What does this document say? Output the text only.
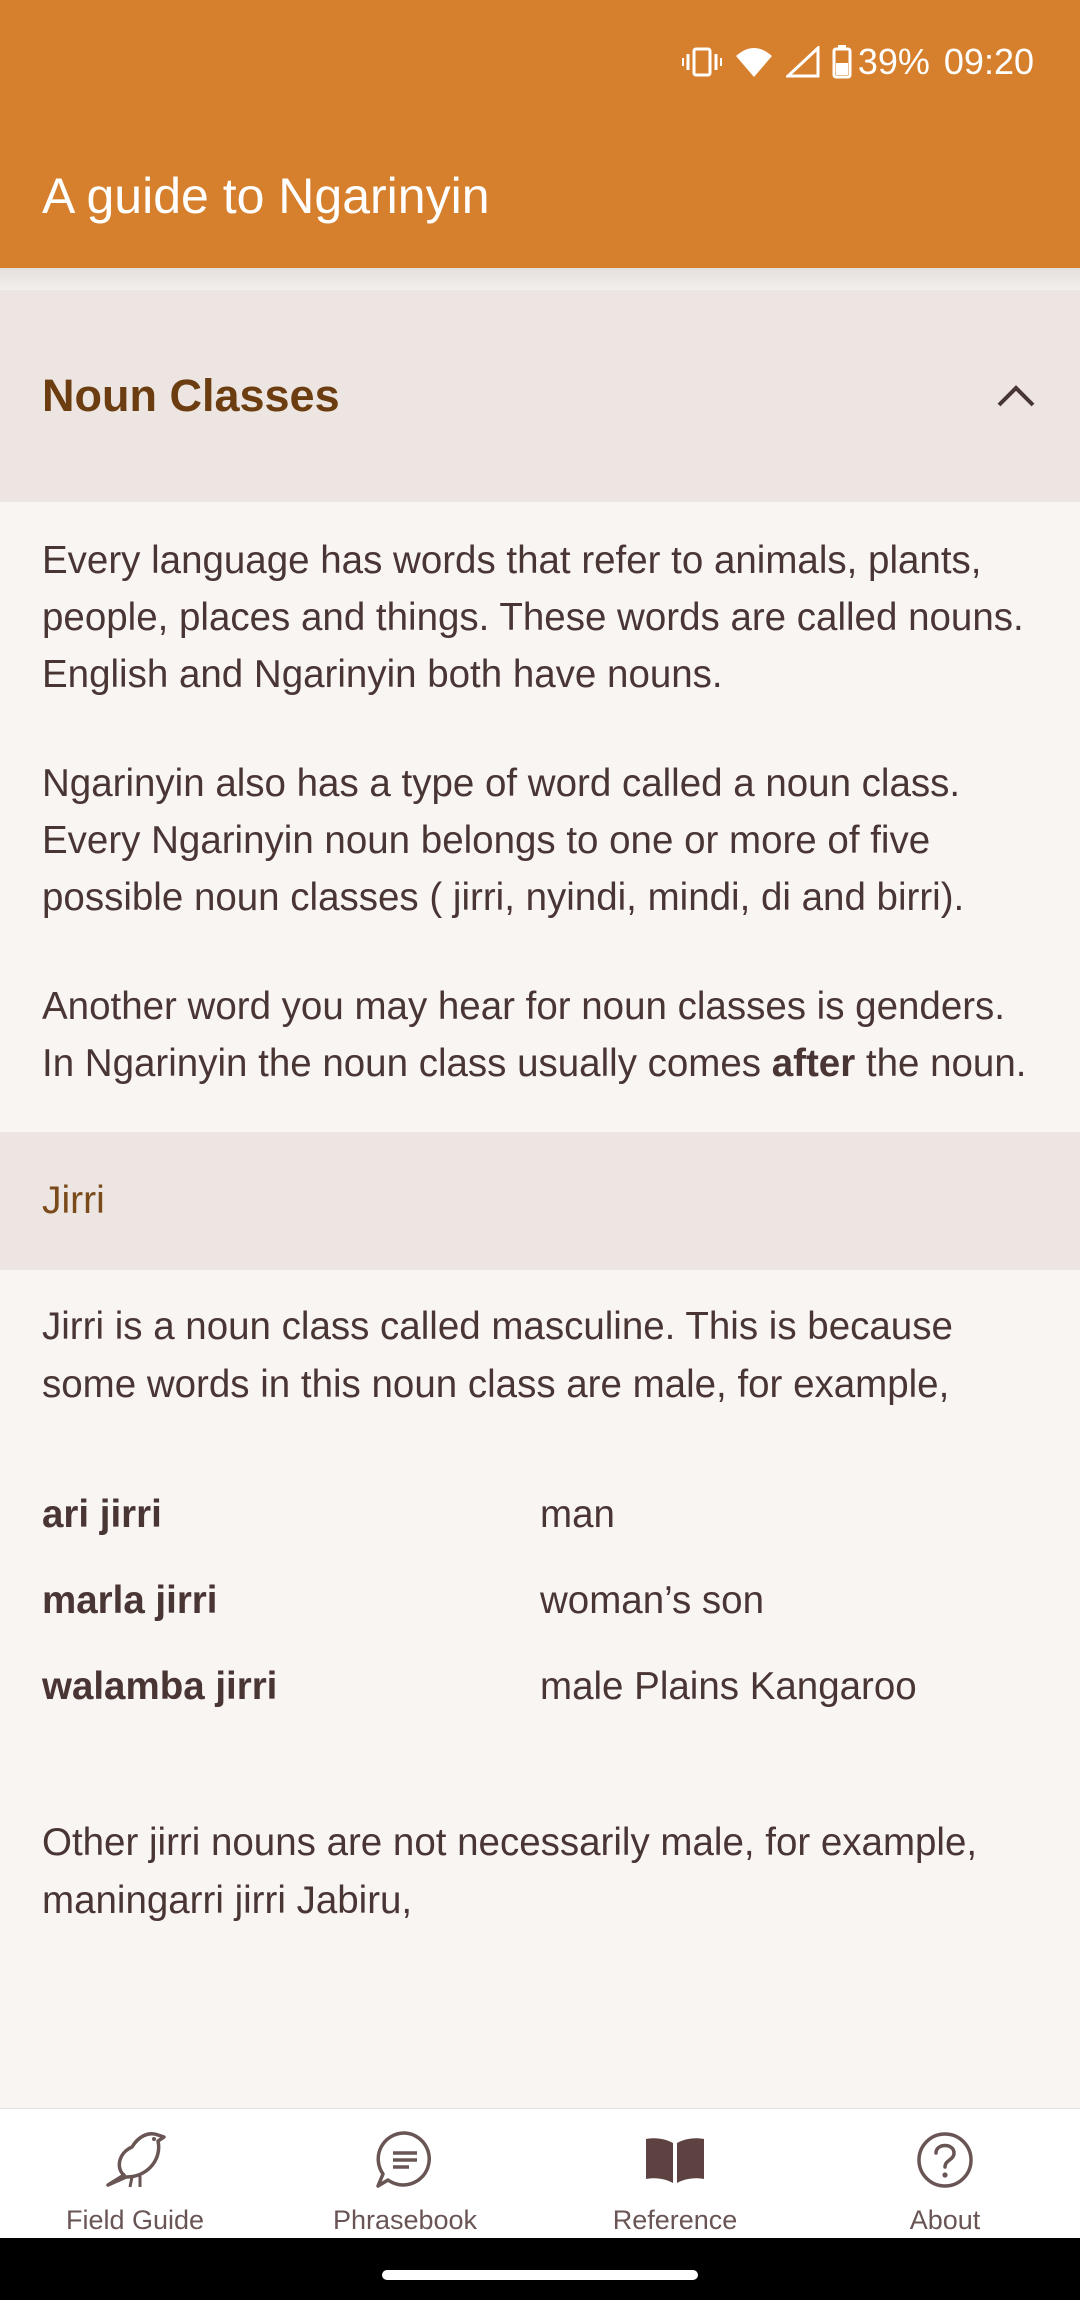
39% 09:20
A guide to Ngarinyin
Noun Classes

Every language has words that refer to animals, plants, people, places and things. These words are called nouns. English and Ngarinyin both have nouns.

Ngarinyin also has a type of word called a noun class. Every Ngarinyin noun belongs to one or more of five possible noun classes ( jirri, nyindi, mindi, di and birri).

Another word you may hear for noun classes is genders. In Ngarinyin the noun class usually comes after the noun.

Jirri
Jirri is a noun class called masculine. This is because some words in this noun class are male, for example,
ari jirri	man
marla jirri	woman’s son
walamba jirri	male Plains Kangaroo
Other jirri nouns are not necessarily male, for example, maningarri jirri Jabiru,
Field Guide	Phrasebook	Reference	About
